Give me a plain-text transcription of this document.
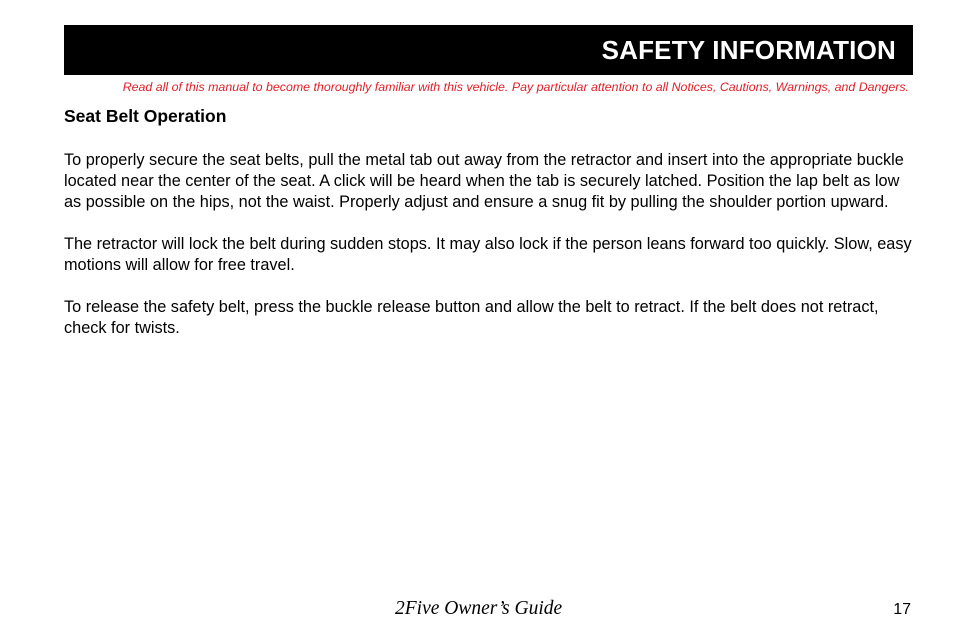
SAFETY INFORMATION
Read all of this manual to become thoroughly familiar with this vehicle. Pay particular attention to all Notices, Cautions, Warnings, and Dangers.
Seat Belt Operation

To properly secure the seat belts, pull the metal tab out away from the retractor and insert into the appropriate buckle located near the center of the seat. A click will be heard when the tab is securely latched. Position the lap belt as low as possible on the hips, not the waist. Properly adjust and ensure a snug fit by pulling the shoulder portion upward.

The retractor will lock the belt during sudden stops. It may also lock if the person leans forward too quickly. Slow, easy motions will allow for free travel.

To release the safety belt, press the buckle release button and allow the belt to retract. If the belt does not retract, check for twists.

2Five Owner’s Guide	17
